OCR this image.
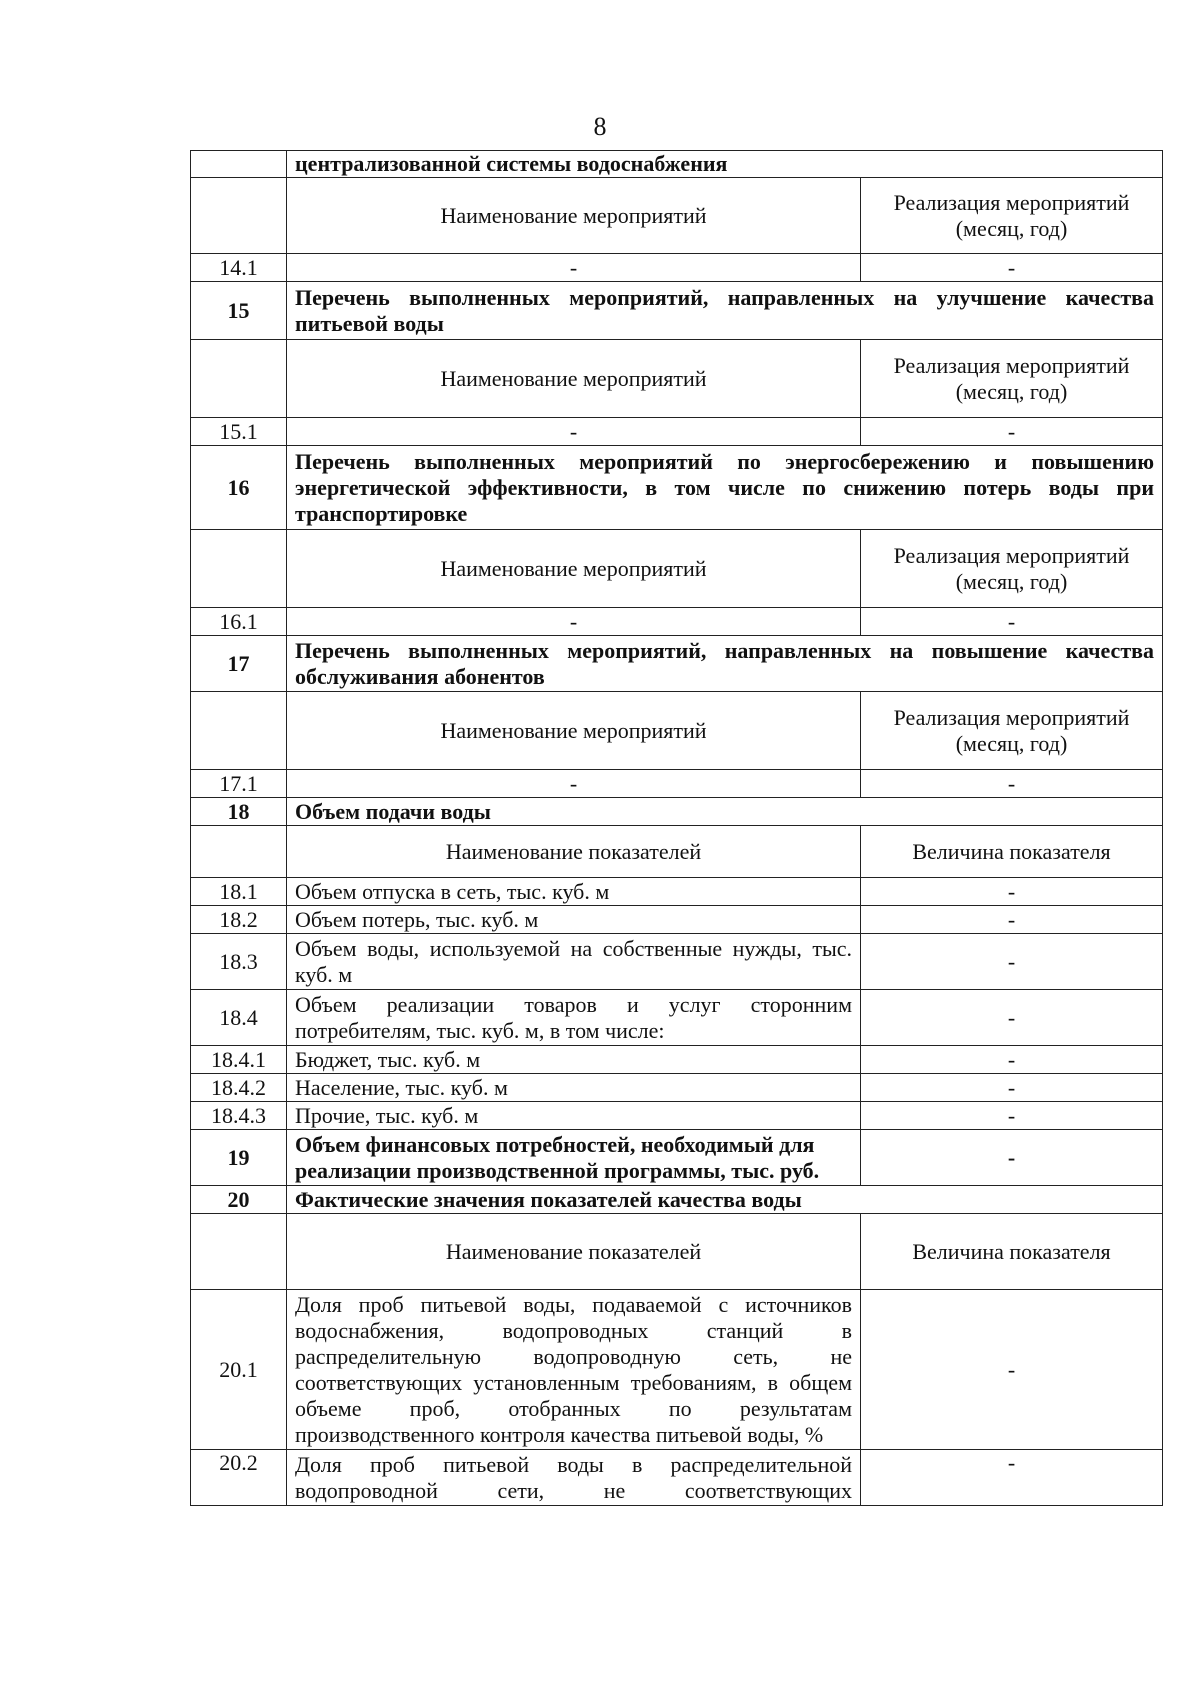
8
	централизованной системы водоснабжения	
	Наименование мероприятий	Реализация мероприятий (месяц, год)
14.1	-	-
15	Перечень выполненных мероприятий, направленных на улучшение качества питьевой воды	
	Наименование мероприятий	Реализация мероприятий (месяц, год)
15.1	-	-
16	Перечень выполненных мероприятий по энергосбережению и повышению энергетической эффективности, в том числе по снижению потерь воды при транспортировке	
	Наименование мероприятий	Реализация мероприятий (месяц, год)
16.1	-	-
17	Перечень выполненных мероприятий, направленных на повышение качества обслуживания абонентов	
	Наименование мероприятий	Реализация мероприятий (месяц, год)
17.1	-	-
18	Объем подачи воды	
	Наименование показателей	Величина показателя
18.1	Объем отпуска в сеть, тыс. куб. м	-
18.2	Объем потерь, тыс. куб. м	-
18.3	Объем воды, используемой на собственные нужды, тыс. куб. м	-
18.4	Объем реализации товаров и услуг сторонним потребителям, тыс. куб. м, в том числе:	-
18.4.1	Бюджет, тыс. куб. м	-
18.4.2	Население, тыс. куб. м	-
18.4.3	Прочие, тыс. куб. м	-
19	Объем финансовых потребностей, необходимый для реализации производственной программы, тыс. руб.	-
20	Фактические значения показателей качества воды	
	Наименование показателей	Величина показателя
20.1	Доля проб питьевой воды, подаваемой с источников водоснабжения, водопроводных станций в распределительную водопроводную сеть, не соответствующих установленным требованиям, в общем объеме проб, отобранных по результатам производственного контроля качества питьевой воды, %	-
20.2	Доля проб питьевой воды в распределительной водопроводной сети, не соответствующих	-
